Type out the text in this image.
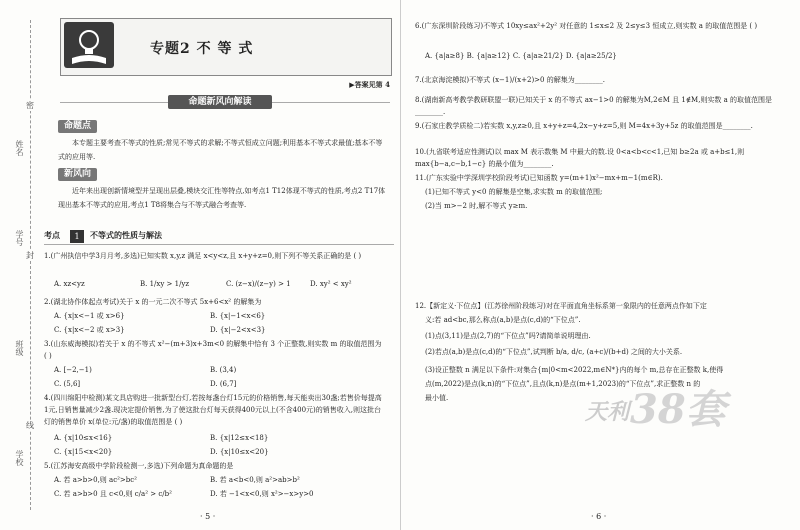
姓名
学号
班级
学校
密
封
线
专题2 不 等 式
▶答案见第 4
命题新风向解读
命题点
本专题主要考查不等式的性质;常见不等式的求解;不等式恒成立问题;利用基本不等式求最值;基本不等式的应用等.
新风向
近年来出现创新情境型并呈现出层叠,模块交汇性等特点,如考点1 T12体现不等式的性质,考点2 T17体现出基本不等式的应用,考点1 T8将集合与不等式融合考查等.
考点	1	不等式的性质与解法
1.(广州执信中学3月月考,多选)已知实数 x,y,z 满足 x<y<z,且 x+y+z=0,则下列不等关系正确的是 ( )
A. xz<yz	B. 1/xy > 1/yz	C. (z−x)/(z−y) > 1	D. xy² < xy²
2.(湖北协作体起点考试)关于 x 的一元二次不等式 5x+6<x² 的解集为
A. {x|x<−1 或 x>6}	B. {x|−1<x<6}
C. {x|x<−2 或 x>3}	D. {x|−2<x<3}
3.(山东威海模拟)若关于 x 的不等式 x²−(m+3)x+3m<0 的解集中恰有 3 个正整数,则实数 m 的取值范围为 ( )
A. [−2,−1)	B. (3,4)
C. (5,6]	D. (6,7]
4.(四川绵阳中检测)某文具店购进一批新型台灯,若按每盏台灯15元的价格销售,每天能卖出30盏;若售价每提高1元,日销售量减少2盏.现决定提价销售,为了使这批台灯每天获得400元以上(不含400元)的销售收入,则这批台灯的销售单价 x(单位:元/盏)的取值范围是 ( )
A. {x|10≤x<16}	B. {x|12≤x<18}
C. {x|15<x<20}	D. {x|10≤x<20}
5.(江苏海安高级中学阶段检测一,多选)下列命题为真命题的是
A. 若 a>b>0,则 ac²>bc²	B. 若 a<b<0,则 a²>ab>b²
C. 若 a>b>0 且 c<0,则 c/a² > c/b²	D. 若 −1<x<0,则 x²>−x>y>0
· 5 ·
6.(广东深圳阶段练习)不等式 10xy≤ax²+2y² 对任意的 1≤x≤2 及 2≤y≤3 恒成立,则实数 a 的取值范围是 ( )
A. {a|a≥8} B. {a|a≥12} C. {a|a≥21/2} D. {a|a≥25/2}
7.(北京海淀模拟)不等式 (x−1)/(x+2)>0 的解集为________.
8.(湖南新高考教学教研联盟一联)已知关于 x 的不等式 ax−1>0 的解集为M,2∈M 且 1∉M,则实数 a 的取值范围是________.
9.(石家庄教学质检二)若实数 x,y,z≥0,且 x+y+z=4,2x−y+z=5,则 M=4x+3y+5z 的取值范围是________.
10.(九省联考适应性测试)以 max M 表示数集 M 中最大的数.设 0<a<b<c<1,已知 b≥2a 或 a+b≤1,则 max{b−a,c−b,1−c} 的最小值为________.
11.(广东实验中学深圳学校阶段考试)已知函数 y=(m+1)x²−mx+m−1(m∈R).
(1)已知不等式 y<0 的解集是空集,求实数 m 的取值范围;
(2)当 m>−2 时,解不等式 y≥m.
12.【新定义·下位点】(江苏徐州阶段练习)对在平面直角坐标系第一象限内的任意两点作如下定
义:若 ad<bc,那么称点(a,b)是点(c,d)的“下位点”.
(1)点(3,11)是点(2,7)的“下位点”吗?请简单说明理由.
(2)若点(a,b)是点(c,d)的“下位点”,试判断 b/a, d/c, (a+c)/(b+d) 之间的大小关系.
(3)设正整数 n 满足以下条件:对集合{m|0<m<2022,m∈N*}内的每个 m,总存在正整数 k,使得
点(m,2022)是点(k,n)的“下位点”,且点(k,n)是点(m+1,2023)的“下位点”,求正整数 n 的
最小值.
· 6 ·
天利 38套
